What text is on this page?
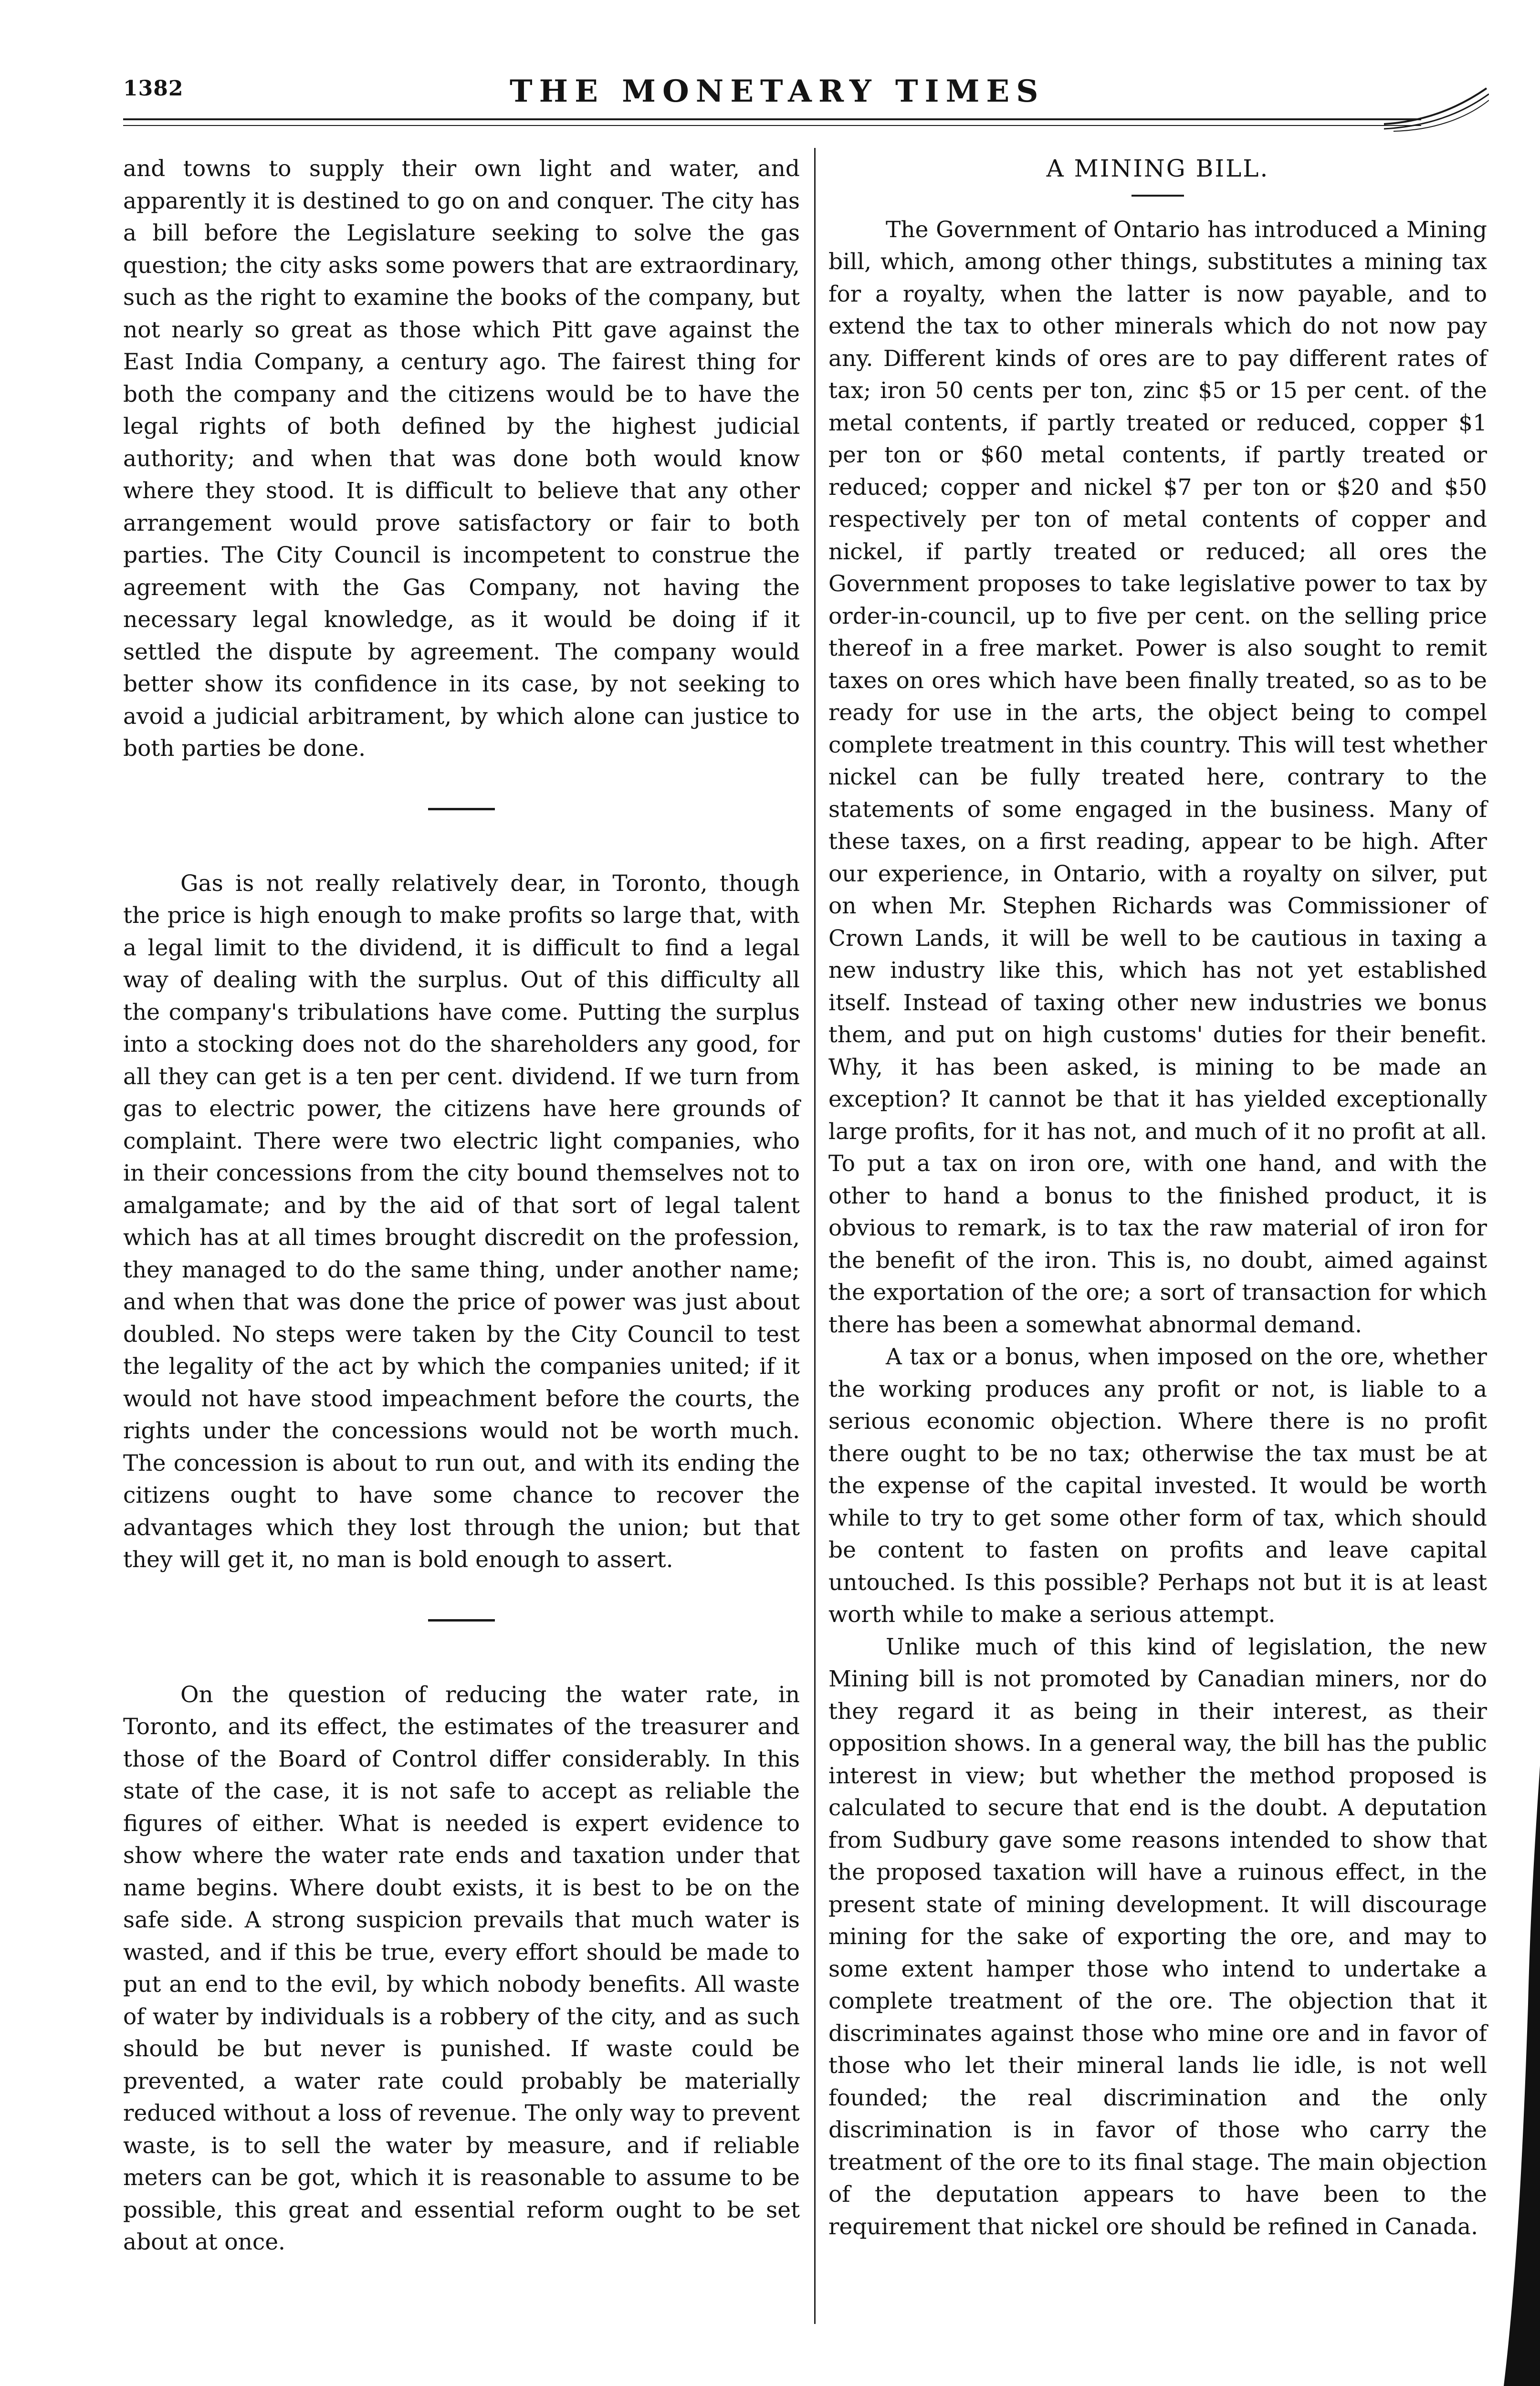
1382	THE MONETARY TIMES

and towns to supply their own light and water, and apparently it is destined to go on and conquer. The city has a bill before the Legislature seeking to solve the gas question; the city asks some powers that are extraordinary, such as the right to examine the books of the company, but not nearly so great as those which Pitt gave against the East India Company, a century ago. The fairest thing for both the company and the citizens would be to have the legal rights of both defined by the highest judicial authority; and when that was done both would know where they stood. It is difficult to believe that any other arrangement would prove satisfactory or fair to both parties. The City Council is incompetent to construe the agreement with the Gas Company, not having the necessary legal knowledge, as it would be doing if it settled the dispute by agreement. The company would better show its confidence in its case, by not seeking to avoid a judicial arbitrament, by which alone can justice to both parties be done.

Gas is not really relatively dear, in Toronto, though the price is high enough to make profits so large that, with a legal limit to the dividend, it is difficult to find a legal way of dealing with the surplus. Out of this difficulty all the company's tribulations have come. Putting the surplus into a stocking does not do the shareholders any good, for all they can get is a ten per cent. dividend. If we turn from gas to electric power, the citizens have here grounds of complaint. There were two electric light companies, who in their concessions from the city bound themselves not to amalgamate; and by the aid of that sort of legal talent which has at all times brought discredit on the profession, they managed to do the same thing, under another name; and when that was done the price of power was just about doubled. No steps were taken by the City Council to test the legality of the act by which the companies united; if it would not have stood impeachment before the courts, the rights under the concessions would not be worth much. The concession is about to run out, and with its ending the citizens ought to have some chance to recover the advantages which they lost through the union; but that they will get it, no man is bold enough to assert.

On the question of reducing the water rate, in Toronto, and its effect, the estimates of the treasurer and those of the Board of Control differ considerably. In this state of the case, it is not safe to accept as reliable the figures of either. What is needed is expert evidence to show where the water rate ends and taxation under that name begins. Where doubt exists, it is best to be on the safe side. A strong suspicion prevails that much water is wasted, and if this be true, every effort should be made to put an end to the evil, by which nobody benefits. All waste of water by individuals is a robbery of the city, and as such should be but never is punished. If waste could be prevented, a water rate could probably be materially reduced without a loss of revenue. The only way to prevent waste, is to sell the water by measure, and if reliable meters can be got, which it is reasonable to assume to be possible, this great and essential reform ought to be set about at once.

A MINING BILL.

The Government of Ontario has introduced a Mining bill, which, among other things, substitutes a mining tax for a royalty, when the latter is now payable, and to extend the tax to other minerals which do not now pay any. Different kinds of ores are to pay different rates of tax; iron 50 cents per ton, zinc $5 or 15 per cent. of the metal contents, if partly treated or reduced, copper $1 per ton or $60 metal contents, if partly treated or reduced; copper and nickel $7 per ton or $20 and $50 respectively per ton of metal contents of copper and nickel, if partly treated or reduced; all ores the Government proposes to take legislative power to tax by order-in-council, up to five per cent. on the selling price thereof in a free market. Power is also sought to remit taxes on ores which have been finally treated, so as to be ready for use in the arts, the object being to compel complete treatment in this country. This will test whether nickel can be fully treated here, contrary to the statements of some engaged in the business. Many of these taxes, on a first reading, appear to be high. After our experience, in Ontario, with a royalty on silver, put on when Mr. Stephen Richards was Commissioner of Crown Lands, it will be well to be cautious in taxing a new industry like this, which has not yet established itself. Instead of taxing other new industries we bonus them, and put on high customs' duties for their benefit. Why, it has been asked, is mining to be made an exception? It cannot be that it has yielded exceptionally large profits, for it has not, and much of it no profit at all. To put a tax on iron ore, with one hand, and with the other to hand a bonus to the finished product, it is obvious to remark, is to tax the raw material of iron for the benefit of the iron. This is, no doubt, aimed against the exportation of the ore; a sort of transaction for which there has been a somewhat abnormal demand.

A tax or a bonus, when imposed on the ore, whether the working produces any profit or not, is liable to a serious economic objection. Where there is no profit there ought to be no tax; otherwise the tax must be at the expense of the capital invested. It would be worth while to try to get some other form of tax, which should be content to fasten on profits and leave capital untouched. Is this possible? Perhaps not but it is at least worth while to make a serious attempt.

Unlike much of this kind of legislation, the new Mining bill is not promoted by Canadian miners, nor do they regard it as being in their interest, as their opposition shows. In a general way, the bill has the public interest in view; but whether the method proposed is calculated to secure that end is the doubt. A deputation from Sudbury gave some reasons intended to show that the proposed taxation will have a ruinous effect, in the present state of mining development. It will discourage mining for the sake of exporting the ore, and may to some extent hamper those who intend to undertake a complete treatment of the ore. The objection that it discriminates against those who mine ore and in favor of those who let their mineral lands lie idle, is not well founded; the real discrimination and the only discrimination is in favor of those who carry the treatment of the ore to its final stage. The main objection of the deputation appears to have been to the requirement that nickel ore should be refined in Canada.
